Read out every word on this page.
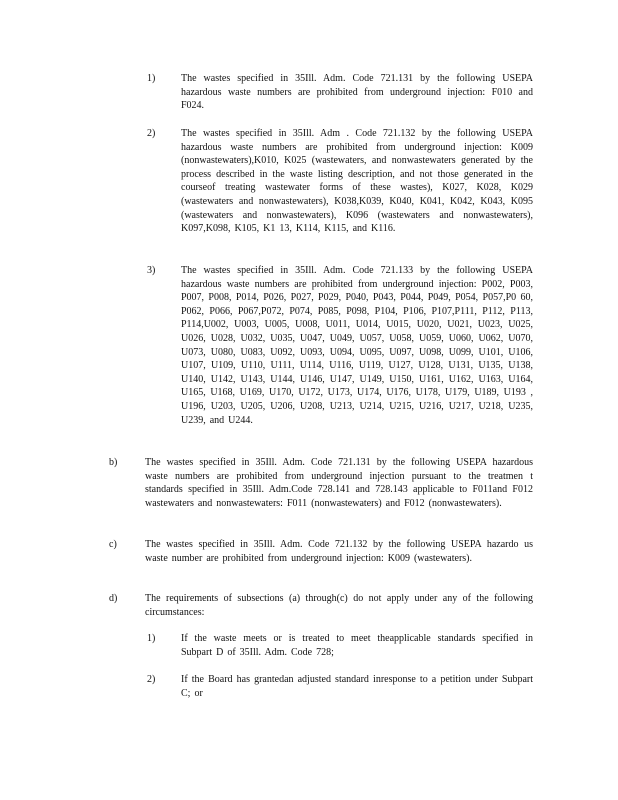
1)	The wastes specified in 35Ill. Adm. Code 721.131 by the following USEPA hazardous waste numbers are prohibited from underground injection: F010 and F024.
2)	The wastes specified in 35Ill. Adm . Code 721.132 by the following USEPA hazardous waste numbers are prohibited from underground injection: K009 (nonwastewaters),K010, K025 (wastewaters, and nonwastewaters generated by the process described in the waste listing description, and not those generated in the courseof treating wastewater forms of these wastes), K027, K028, K029 (wastewaters and nonwastewaters), K038,K039, K040, K041, K042, K043, K095 (wastewaters and nonwastewaters), K096 (wastewaters and nonwastewaters), K097,K098, K105, K1 13, K114, K115, and K116.
3)	The wastes specified in 35Ill. Adm. Code 721.133 by the following USEPA hazardous waste numbers are prohibited from underground injection: P002, P003, P007, P008, P014, P026, P027, P029, P040, P043, P044, P049, P054, P057,P0 60, P062, P066, P067,P072, P074, P085, P098, P104, P106, P107,P111, P112, P113, P114,U002, U003, U005, U008, U011, U014, U015, U020, U021, U023, U025, U026, U028, U032, U035, U047, U049, U057, U058, U059, U060, U062, U070, U073, U080, U083, U092, U093, U094, U095, U097, U098, U099, U101, U106, U107, U109, U110, U111, U114, U116, U119, U127, U128, U131, U135, U138, U140, U142, U143, U144, U146, U147, U149, U150, U161, U162, U163, U164, U165, U168, U169, U170, U172, U173, U174, U176, U178, U179, U189, U193 , U196, U203, U205, U206, U208, U213, U214, U215, U216, U217, U218, U235, U239, and U244.
b)	The wastes specified in 35Ill. Adm. Code 721.131 by the following USEPA hazardous waste numbers are prohibited from underground injection pursuant to the treatmen t standards specified in 35Ill. Adm.Code 728.141 and 728.143 applicable to F011and F012 wastewaters and nonwastewaters: F011 (nonwastewaters) and F012 (nonwastewaters).
c)	The wastes specified in 35Ill. Adm. Code 721.132 by the following USEPA hazardo us waste number are prohibited from underground injection: K009 (wastewaters).
d)	The requirements of subsections (a) through(c) do not apply under any of the following circumstances:
1)	If the waste meets or is treated to meet theapplicable standards specified in Subpart D of 35Ill. Adm. Code 728;
2)	If the Board has grantedan adjusted standard inresponse to a petition under Subpart C; or
